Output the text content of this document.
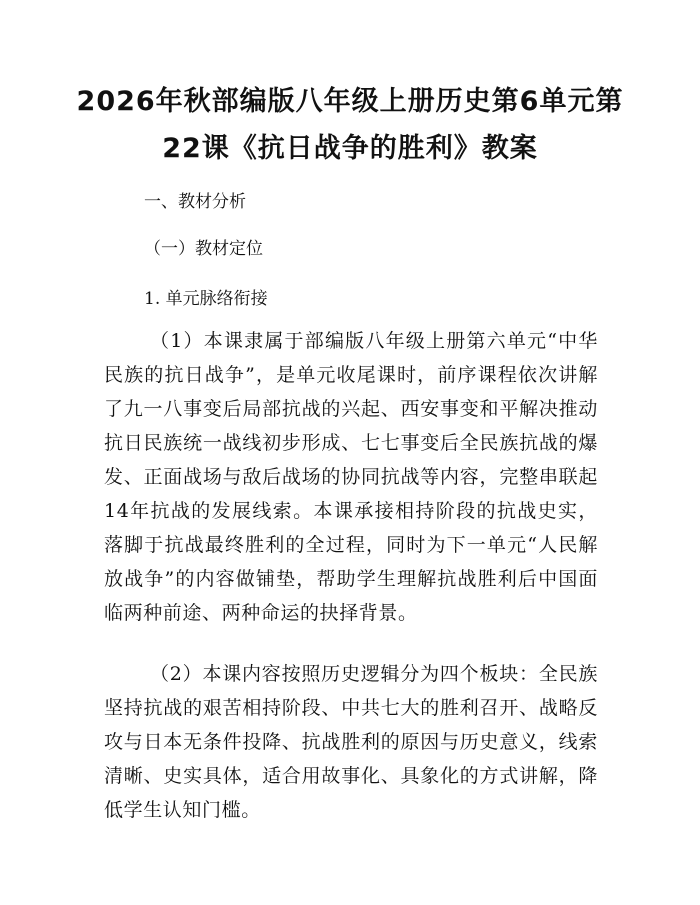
2026年秋部编版八年级上册历史第6单元第
22课《抗日战争的胜利》教案
一、教材分析
（一）教材定位
1. 单元脉络衔接

（1）本课隶属于部编版八年级上册第六单元“中华民族的抗日战争”，是单元收尾课时，前序课程依次讲解了九一八事变后局部抗战的兴起、西安事变和平解决推动抗日民族统一战线初步形成、七七事变后全民族抗战的爆发、正面战场与敌后战场的协同抗战等内容，完整串联起14年抗战的发展线索。本课承接相持阶段的抗战史实，落脚于抗战最终胜利的全过程，同时为下一单元“人民解放战争”的内容做铺垫，帮助学生理解抗战胜利后中国面临两种前途、两种命运的抉择背景。

（2）本课内容按照历史逻辑分为四个板块：全民族坚持抗战的艰苦相持阶段、中共七大的胜利召开、战略反攻与日本无条件投降、抗战胜利的原因与历史意义，线索清晰、史实具体，适合用故事化、具象化的方式讲解，降低学生认知门槛。
